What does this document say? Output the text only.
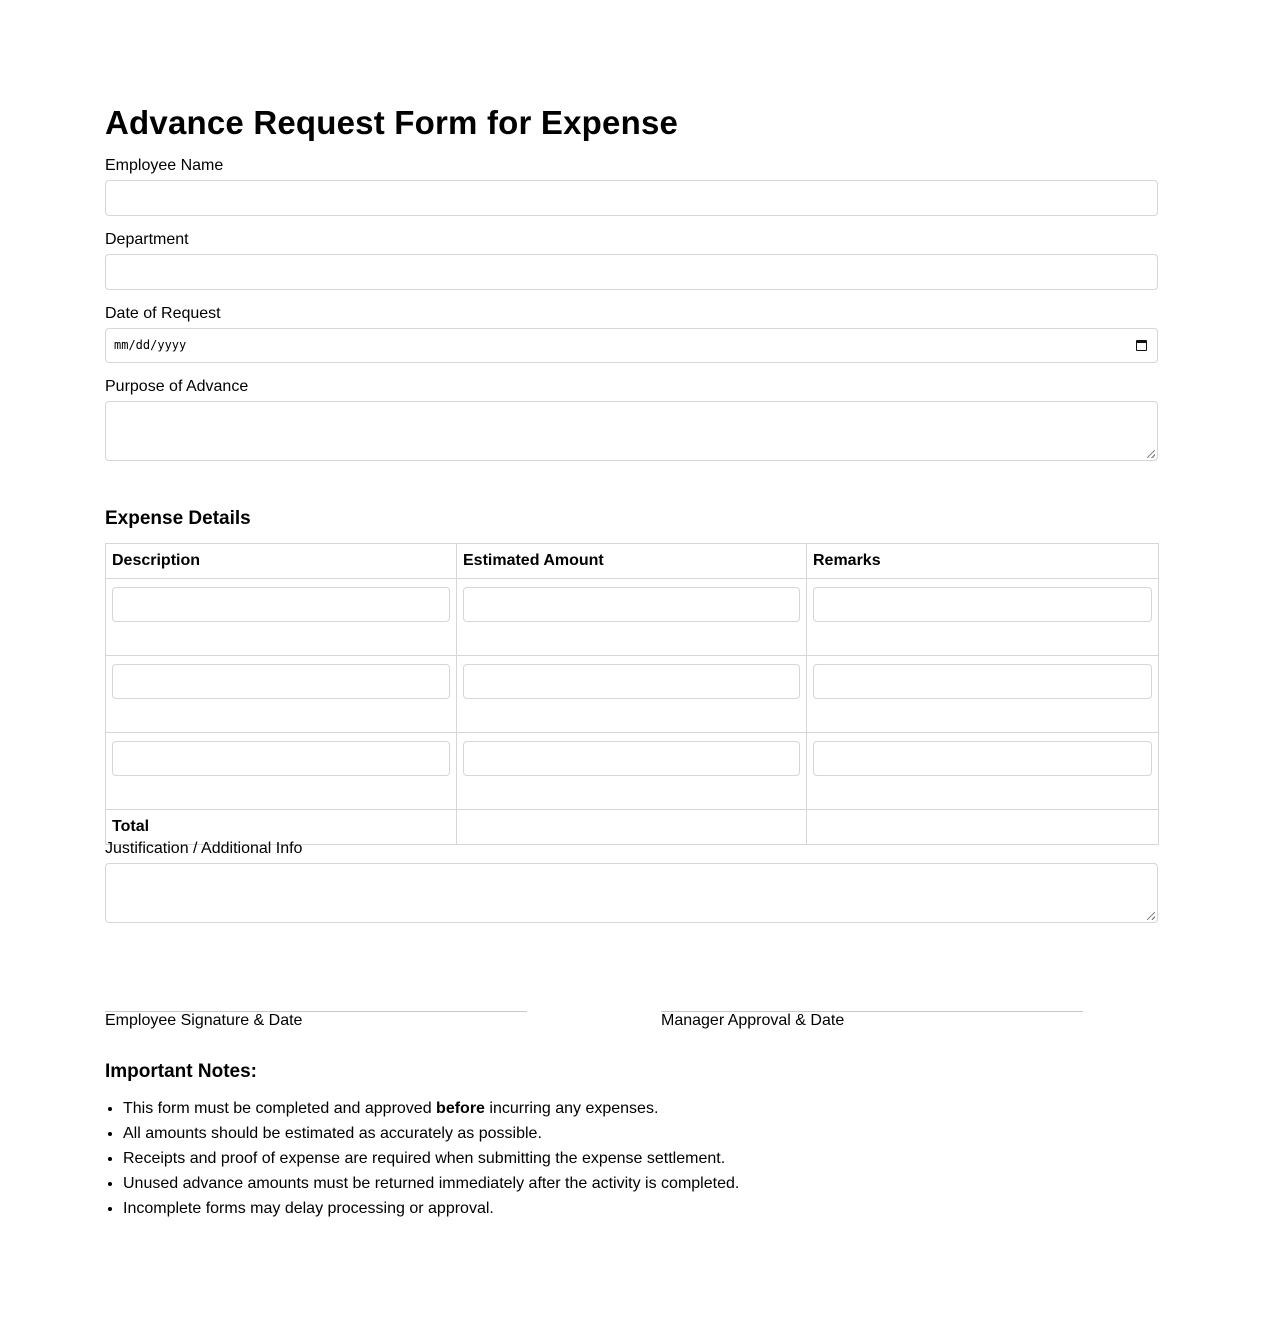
Advance Request Form for Expense
Employee Name
Department
Date of Request
mm/dd/yyyy
Purpose of Advance
Expense Details
Description	Estimated Amount	Remarks

Total		
Justification / Additional Info
Employee Signature & Date	Manager Approval & Date
Important Notes:
• This form must be completed and approved before incurring any expenses.
• All amounts should be estimated as accurately as possible.
• Receipts and proof of expense are required when submitting the expense settlement.
• Unused advance amounts must be returned immediately after the activity is completed.
• Incomplete forms may delay processing or approval.
